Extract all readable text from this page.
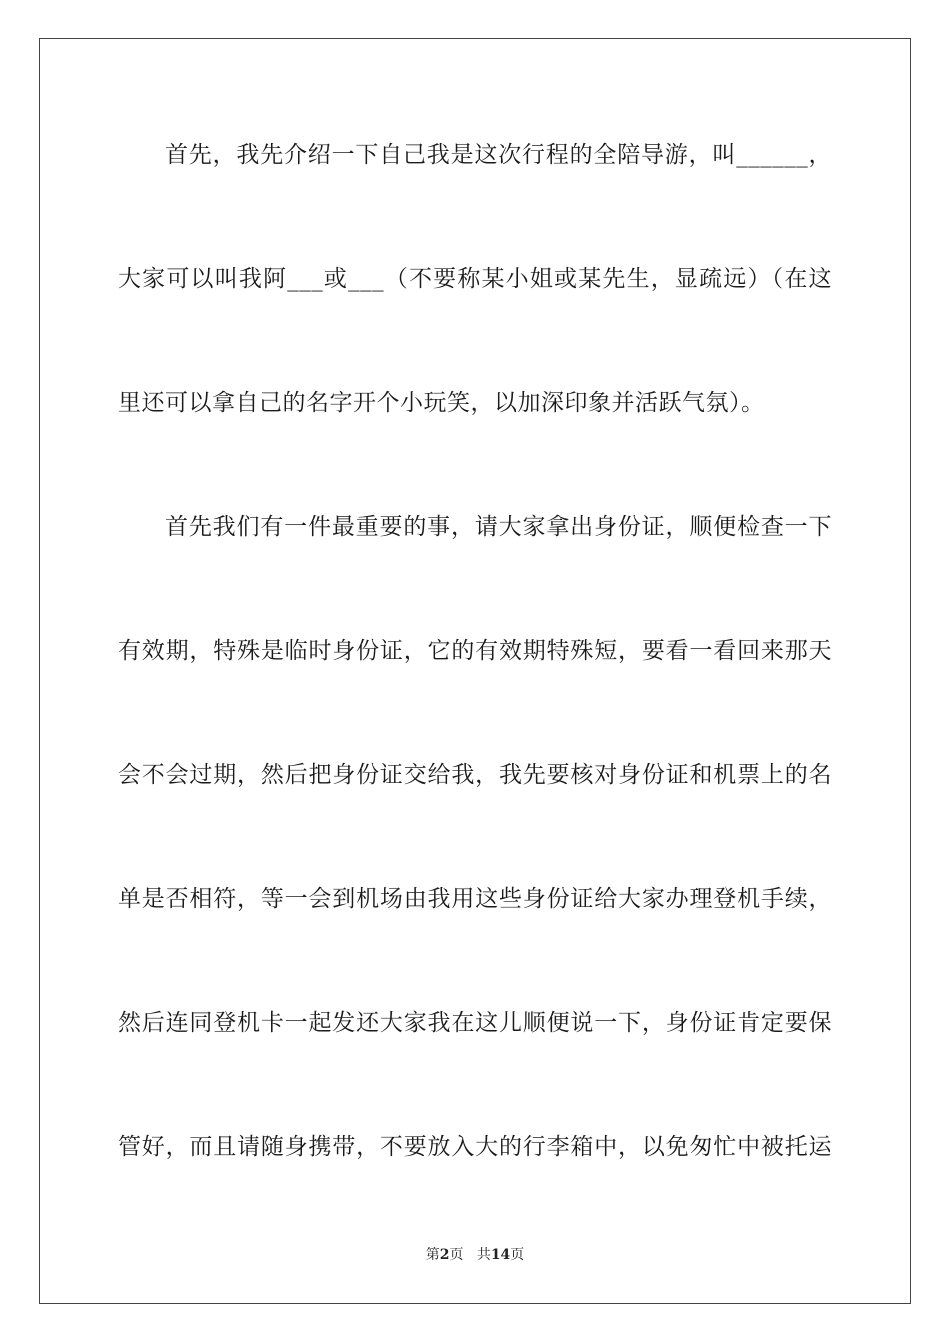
首先，我先介绍一下自己我是这次行程的全陪导游，叫______，
大家可以叫我阿___或___（不要称某小姐或某先生，显疏远）（在这
里还可以拿自己的名字开个小玩笑，以加深印象并活跃气氛）。
首先我们有一件最重要的事，请大家拿出身份证，顺便检查一下
有效期，特殊是临时身份证，它的有效期特殊短，要看一看回来那天
会不会过期，然后把身份证交给我，我先要核对身份证和机票上的名
单是否相符，等一会到机场由我用这些身份证给大家办理登机手续，
然后连同登机卡一起发还大家我在这儿顺便说一下，身份证肯定要保
管好，而且请随身携带，不要放入大的行李箱中，以免匆忙中被托运
第2页 共14页
